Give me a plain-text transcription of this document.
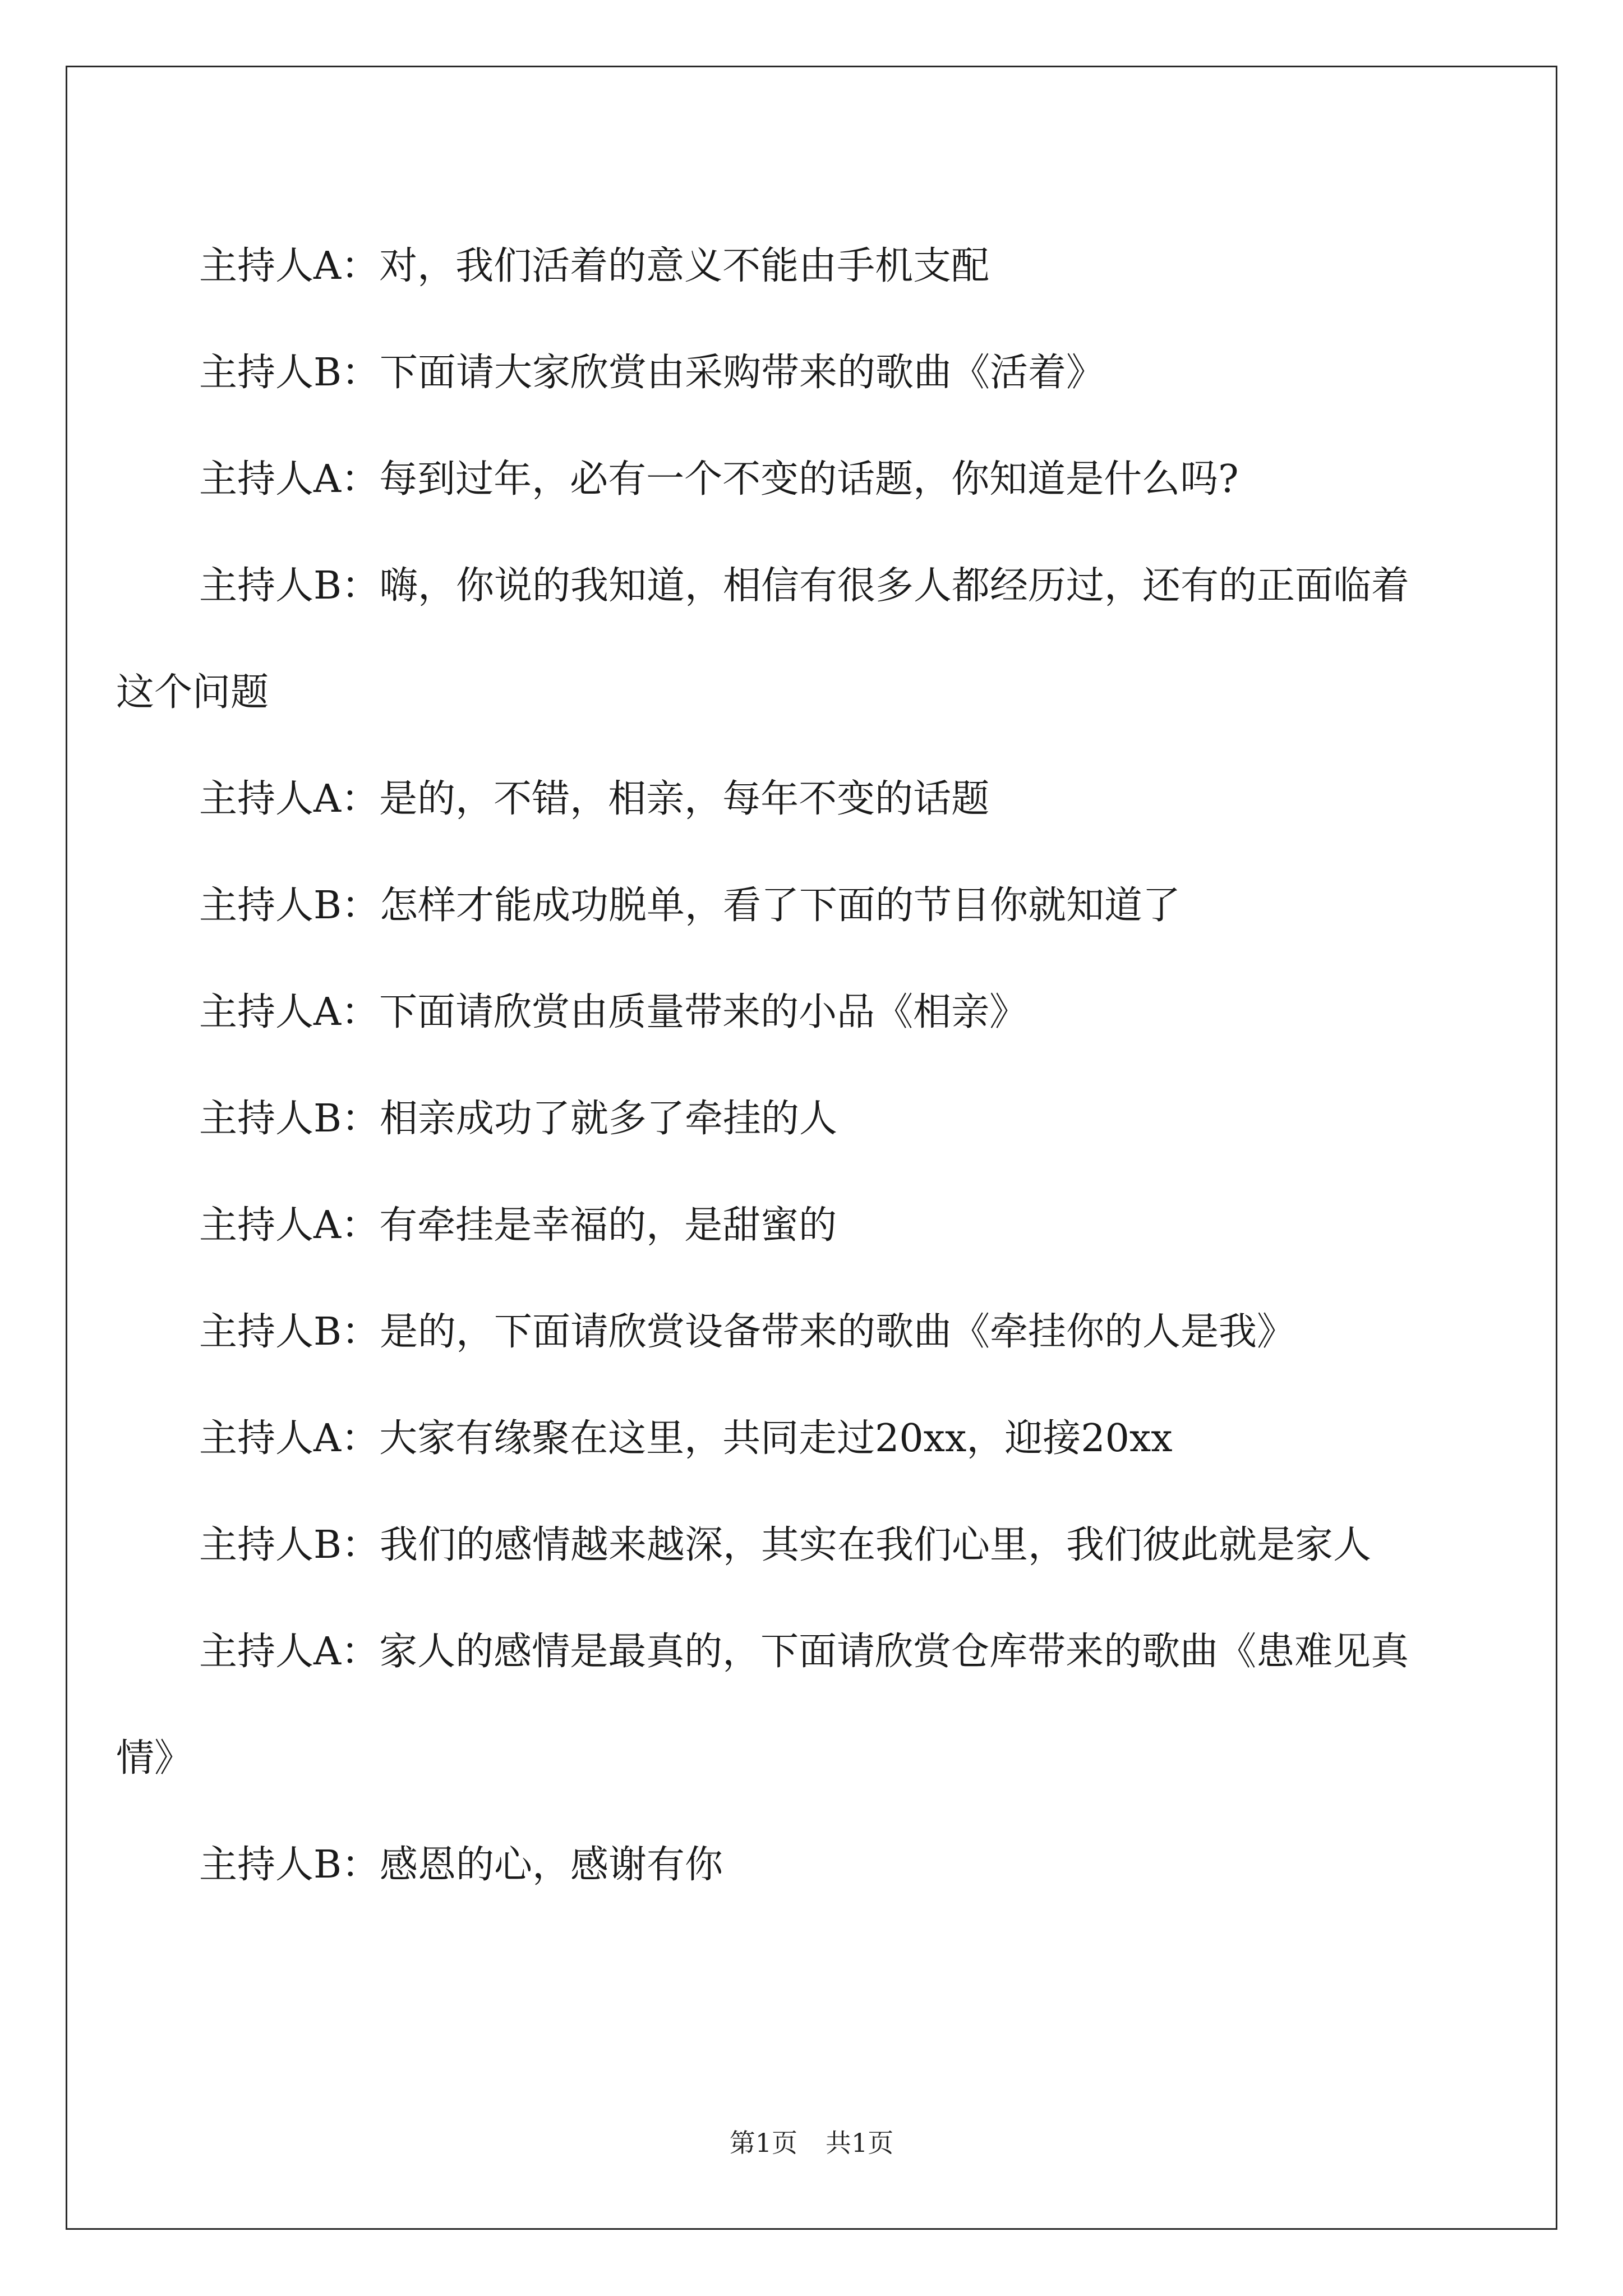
主持人A：对，我们活着的意义不能由手机支配

主持人B：下面请大家欣赏由采购带来的歌曲《活着》

主持人A：每到过年，必有一个不变的话题，你知道是什么吗?

主持人B：嗨，你说的我知道，相信有很多人都经历过，还有的正面临着这个问题

主持人A：是的，不错，相亲，每年不变的话题

主持人B：怎样才能成功脱单，看了下面的节目你就知道了

主持人A：下面请欣赏由质量带来的小品《相亲》

主持人B：相亲成功了就多了牵挂的人

主持人A：有牵挂是幸福的，是甜蜜的

主持人B：是的，下面请欣赏设备带来的歌曲《牵挂你的人是我》

主持人A：大家有缘聚在这里，共同走过20xx，迎接20xx

主持人B：我们的感情越来越深，其实在我们心里，我们彼此就是家人

主持人A：家人的感情是最真的，下面请欣赏仓库带来的歌曲《患难见真情》

主持人B：感恩的心，感谢有你

第1页 共1页
